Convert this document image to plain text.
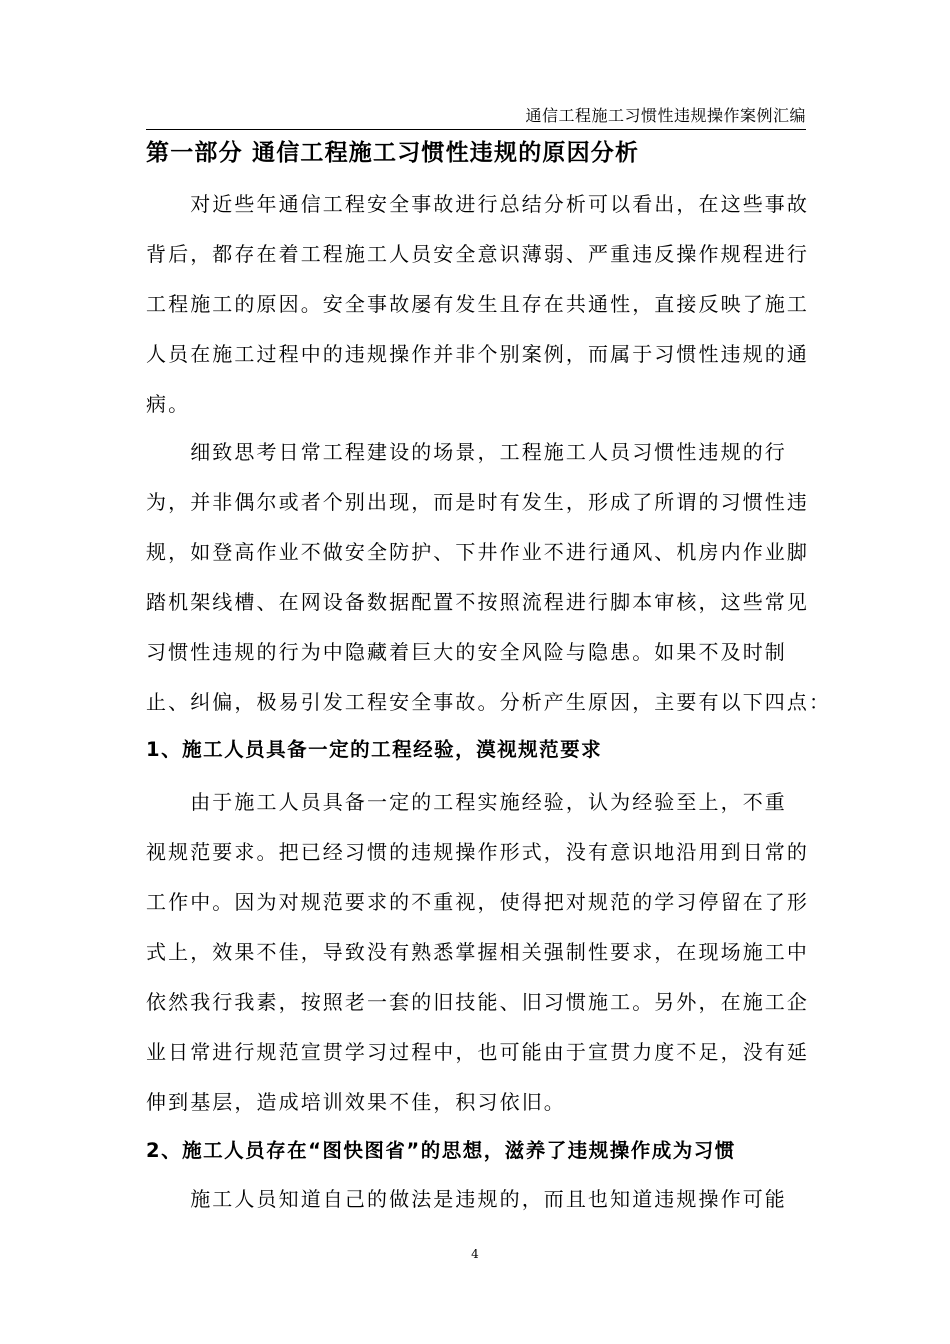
通信工程施工习惯性违规操作案例汇编
第一部分 通信工程施工习惯性违规的原因分析
　　对近些年通信工程安全事故进行总结分析可以看出，在这些事故
背后，都存在着工程施工人员安全意识薄弱、严重违反操作规程进行
工程施工的原因。安全事故屡有发生且存在共通性，直接反映了施工
人员在施工过程中的违规操作并非个别案例，而属于习惯性违规的通
病。
　　细致思考日常工程建设的场景，工程施工人员习惯性违规的行
为，并非偶尔或者个别出现，而是时有发生，形成了所谓的习惯性违
规，如登高作业不做安全防护、下井作业不进行通风、机房内作业脚
踏机架线槽、在网设备数据配置不按照流程进行脚本审核，这些常见
习惯性违规的行为中隐藏着巨大的安全风险与隐患。如果不及时制
止、纠偏，极易引发工程安全事故。分析产生原因，主要有以下四点：
1、施工人员具备一定的工程经验，漠视规范要求
　　由于施工人员具备一定的工程实施经验，认为经验至上，不重
视规范要求。把已经习惯的违规操作形式，没有意识地沿用到日常的
工作中。因为对规范要求的不重视，使得把对规范的学习停留在了形
式上，效果不佳，导致没有熟悉掌握相关强制性要求，在现场施工中
依然我行我素，按照老一套的旧技能、旧习惯施工。另外，在施工企
业日常进行规范宣贯学习过程中，也可能由于宣贯力度不足，没有延
伸到基层，造成培训效果不佳，积习依旧。
2、施工人员存在“图快图省”的思想，滋养了违规操作成为习惯
　　施工人员知道自己的做法是违规的，而且也知道违规操作可能
4
